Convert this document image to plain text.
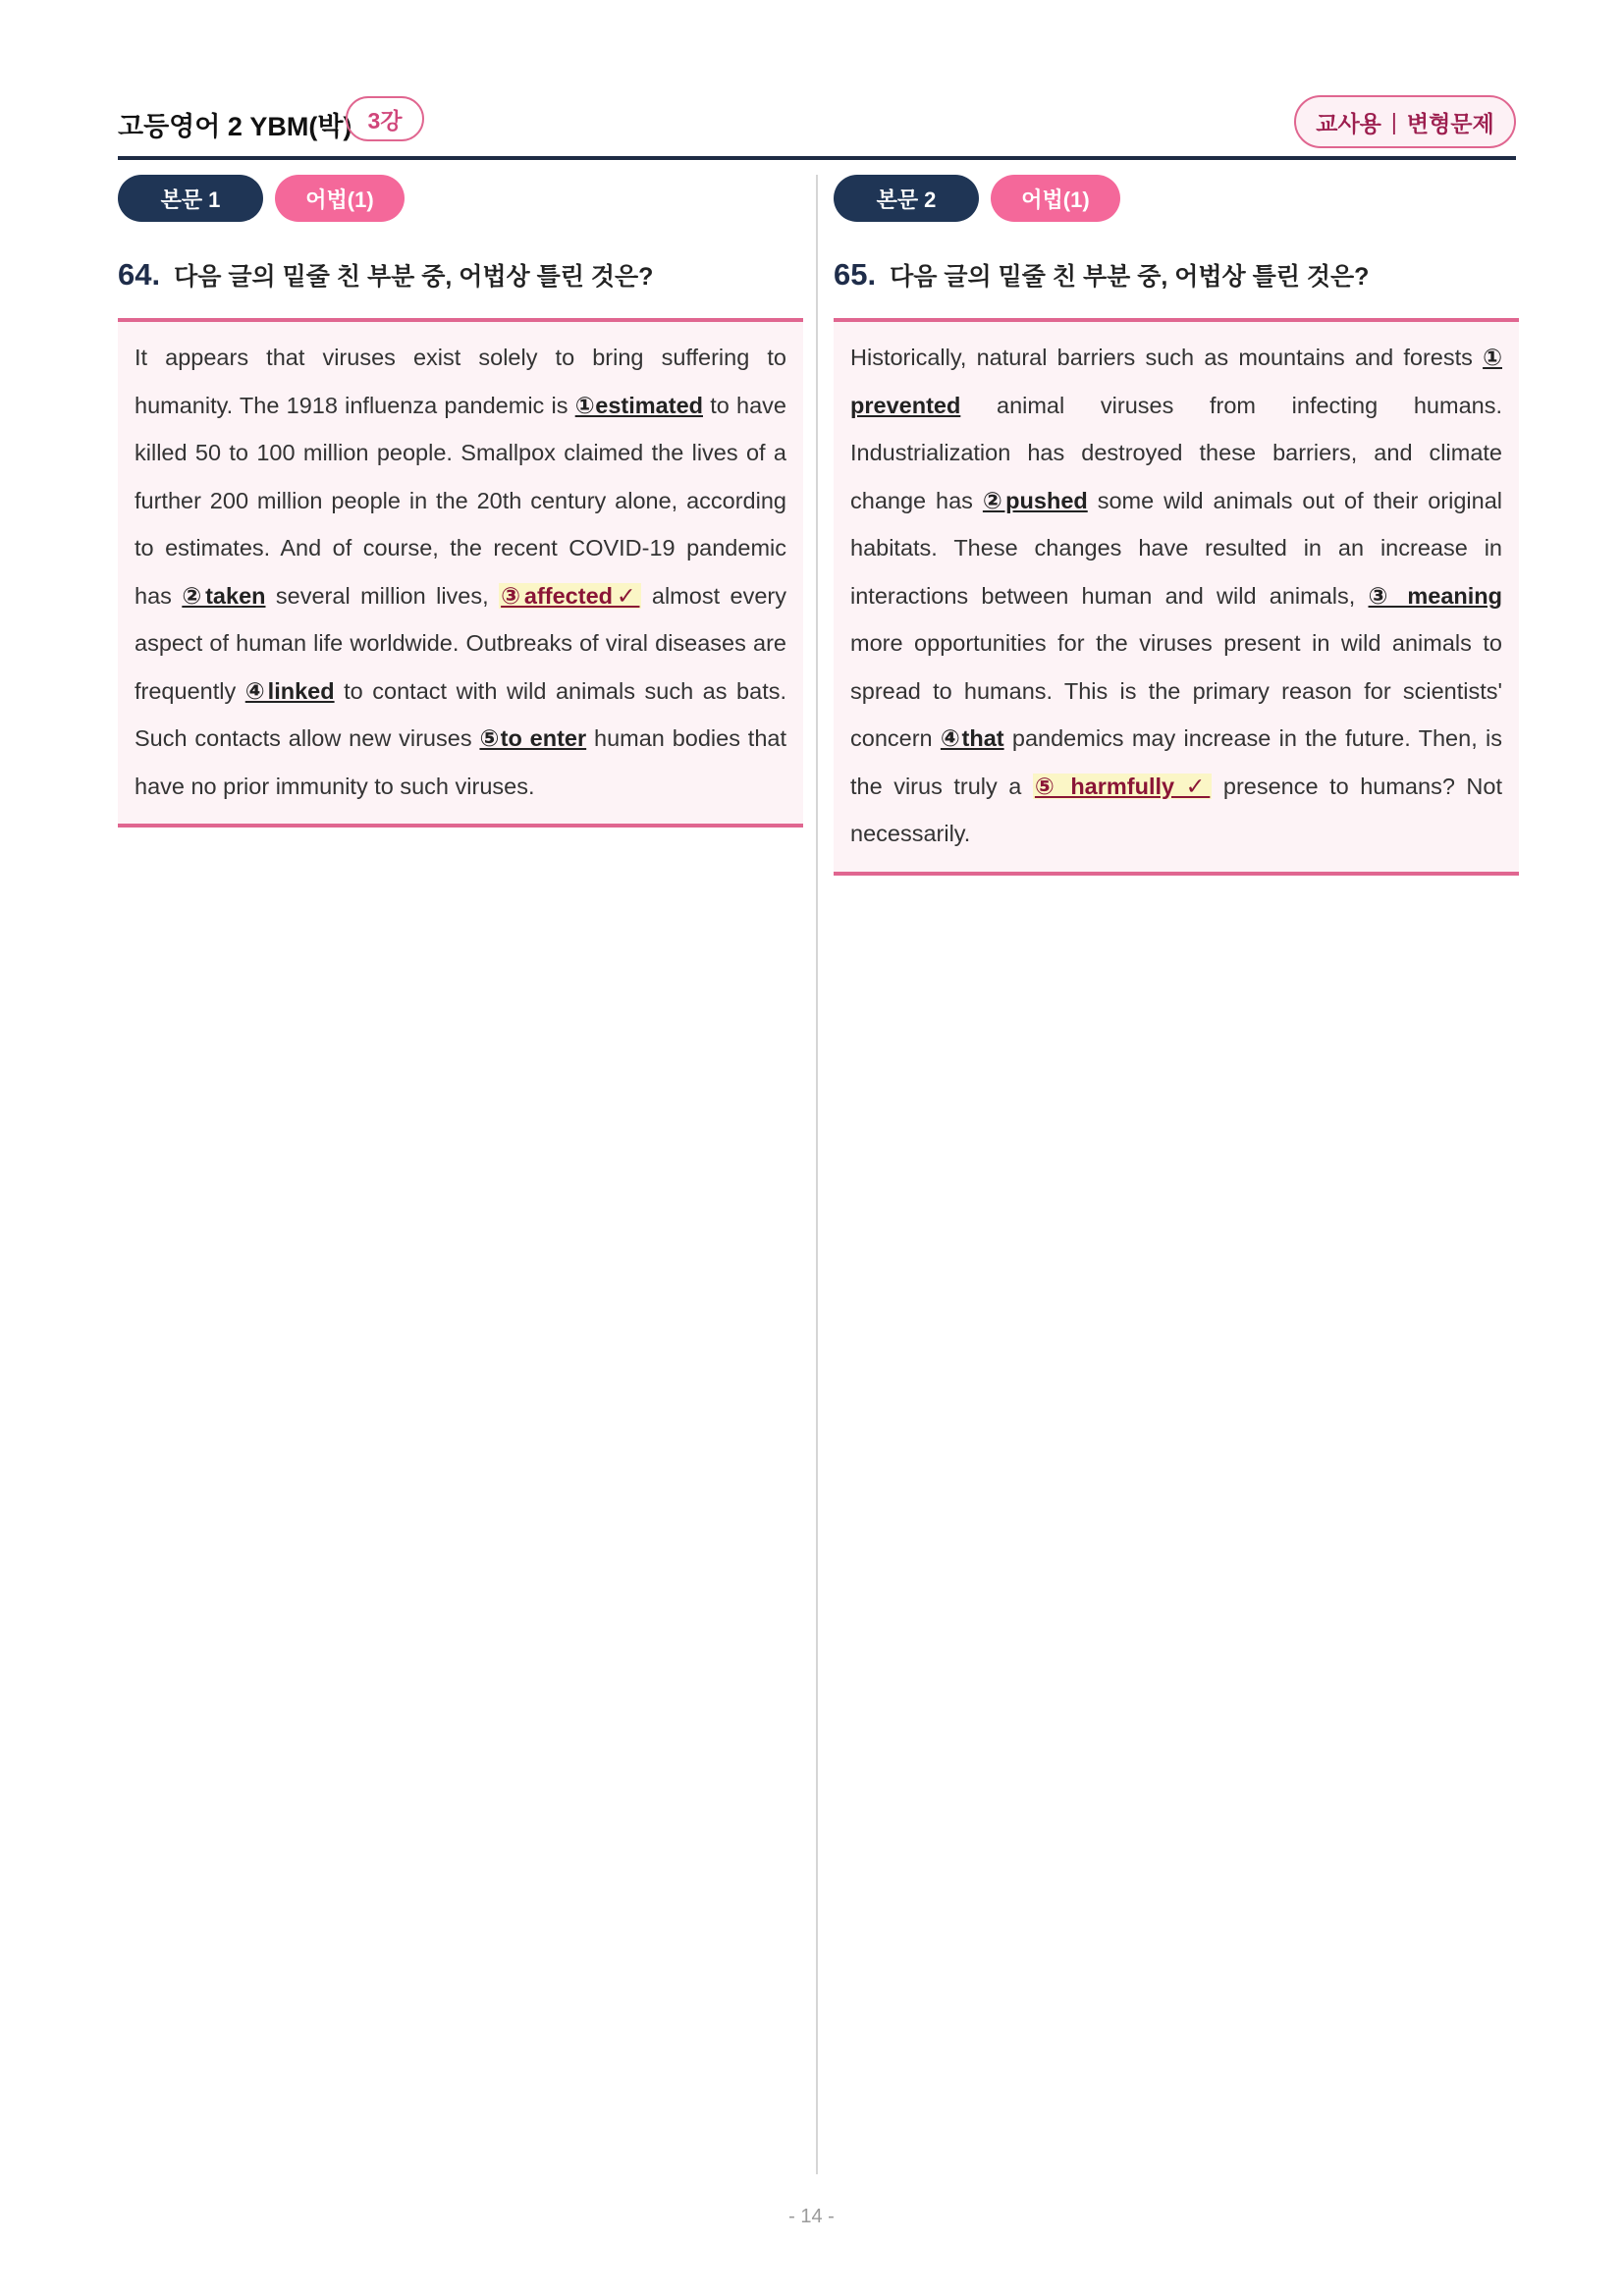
고등영어 2 YBM(박) 3강	교사용 | 변형문제
본문 1	어법(1)
64. 다음 글의 밑줄 친 부분 중, 어법상 틀린 것은?

It appears that viruses exist solely to bring suffering to humanity. The 1918 influenza pandemic is ①estimated to have killed 50 to 100 million people. Smallpox claimed the lives of a further 200 million people in the 20th century alone, according to estimates. And of course, the recent COVID-19 pandemic has ②taken several million lives, ③affected✓ almost every aspect of human life worldwide. Outbreaks of viral diseases are frequently ④linked to contact with wild animals such as bats. Such contacts allow new viruses ⑤to enter human bodies that have no prior immunity to such viruses.

본문 2	어법(1)
65. 다음 글의 밑줄 친 부분 중, 어법상 틀린 것은?

Historically, natural barriers such as mountains and forests ① prevented animal viruses from infecting humans. Industrialization has destroyed these barriers, and climate change has ②pushed some wild animals out of their original habitats. These changes have resulted in an increase in interactions between human and wild animals, ③ meaning more opportunities for the viruses present in wild animals to spread to humans. This is the primary reason for scientists' concern ④that pandemics may increase in the future. Then, is the virus truly a ⑤ harmfully ✓ presence to humans? Not necessarily.

- 14 -
